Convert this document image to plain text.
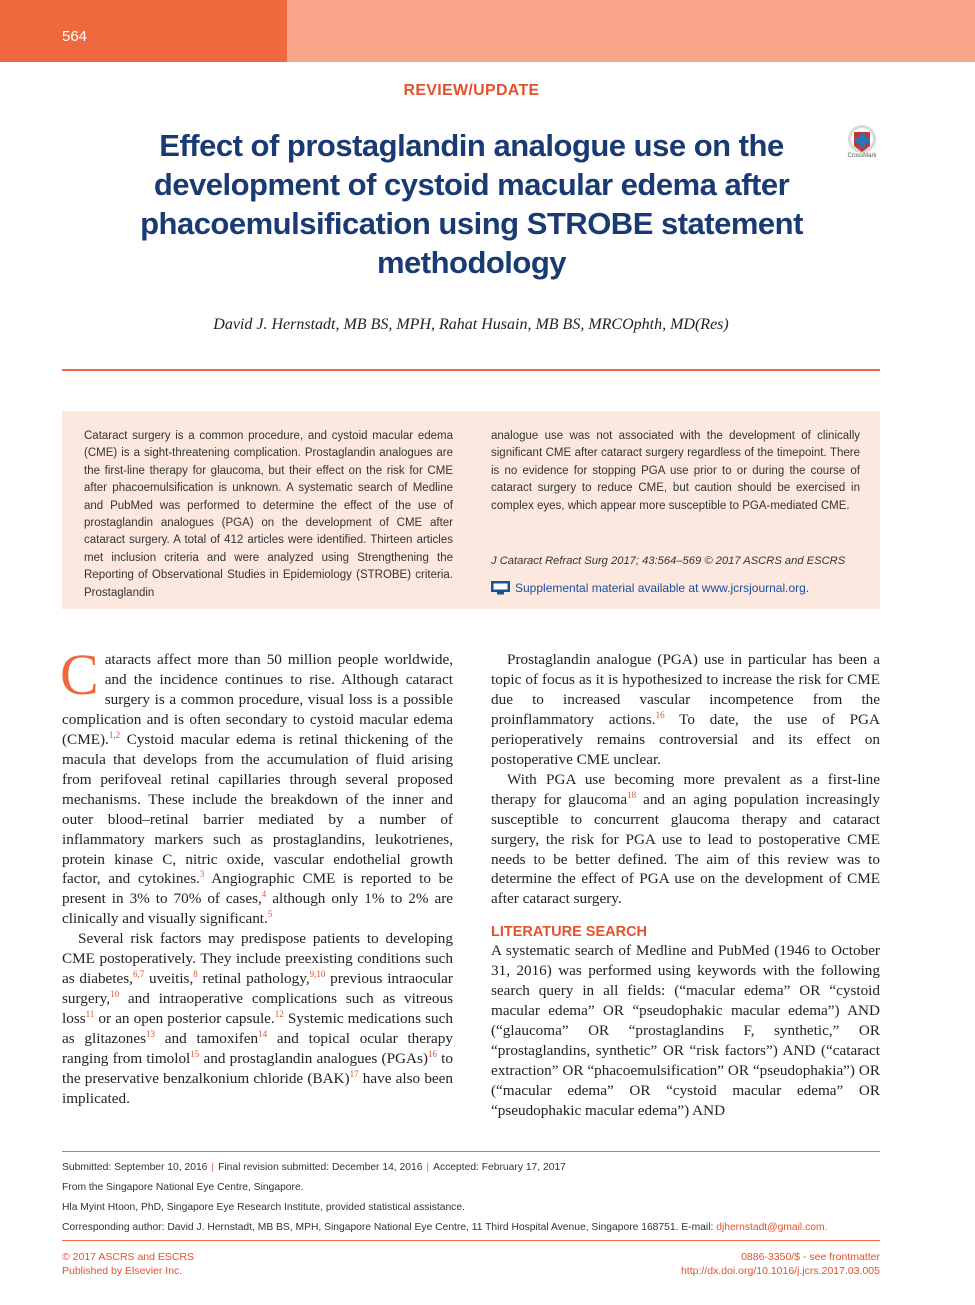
564
REVIEW/UPDATE
Effect of prostaglandin analogue use on the development of cystoid macular edema after phacoemulsification using STROBE statement methodology
CrossMark
David J. Hernstadt, MB BS, MPH, Rahat Husain, MB BS, MRCOphth, MD(Res)
Cataract surgery is a common procedure, and cystoid macular edema (CME) is a sight-threatening complication. Prostaglandin analogues are the first-line therapy for glaucoma, but their effect on the risk for CME after phacoemulsification is unknown. A systematic search of Medline and PubMed was performed to determine the effect of the use of prostaglandin analogues (PGA) on the development of CME after cataract surgery. A total of 412 articles were identified. Thirteen articles met inclusion criteria and were analyzed using Strengthening the Reporting of Observational Studies in Epidemiology (STROBE) criteria. Prostaglandin
analogue use was not associated with the development of clinically significant CME after cataract surgery regardless of the timepoint. There is no evidence for stopping PGA use prior to or during the course of cataract surgery to reduce CME, but caution should be exercised in complex eyes, which appear more susceptible to PGA-mediated CME.
J Cataract Refract Surg 2017; 43:564–569 © 2017 ASCRS and ESCRS
Supplemental material available at www.jcrsjournal.org.

Cataracts affect more than 50 million people worldwide, and the incidence continues to rise. Although cataract surgery is a common procedure, visual loss is a possible complication and is often secondary to cystoid macular edema (CME).$^{1,2}$ Cystoid macular edema is retinal thickening of the macula that develops from the accumulation of fluid arising from perifoveal retinal capillaries through several proposed mechanisms. These include the breakdown of the inner and outer blood–retinal barrier mediated by a number of inflammatory markers such as prostaglandins, leukotrienes, protein kinase C, nitric oxide, vascular endothelial growth factor, and cytokines.$^3$ Angiographic CME is reported to be present in 3% to 70% of cases,$^4$ although only 1% to 2% are clinically and visually significant.$^5$

Several risk factors may predispose patients to developing CME postoperatively. They include preexisting conditions such as diabetes,$^{6,7}$ uveitis,$^8$ retinal pathology,$^{9,10}$ previous intraocular surgery,$^{10}$ and intraoperative complications such as vitreous loss$^{11}$ or an open posterior capsule.$^{12}$ Systemic medications such as glitazones$^{13}$ and tamoxifen$^{14}$ and topical ocular therapy ranging from timolol$^{15}$ and prostaglandin analogues (PGAs)$^{16}$ to the preservative benzalkonium chloride (BAK)$^{17}$ have also been implicated.

Prostaglandin analogue (PGA) use in particular has been a topic of focus as it is hypothesized to increase the risk for CME due to increased vascular incompetence from the proinflammatory actions.$^{16}$ To date, the use of PGA perioperatively remains controversial and its effect on postoperative CME unclear.

With PGA use becoming more prevalent as a first-line therapy for glaucoma$^{18}$ and an aging population increasingly susceptible to concurrent glaucoma therapy and cataract surgery, the risk for PGA use to lead to postoperative CME needs to be better defined. The aim of this review was to determine the effect of PGA use on the development of CME after cataract surgery.

LITERATURE SEARCH

A systematic search of Medline and PubMed (1946 to October 31, 2016) was performed using keywords with the following search query in all fields: (“macular edema” OR “cystoid macular edema” OR “pseudophakic macular edema”) AND (“glaucoma” OR “prostaglandins F, synthetic,” OR “prostaglandins, synthetic” OR “risk factors”) AND (“cataract extraction” OR “phacoemulsification” OR “pseudophakia”) OR (“macular edema” OR “cystoid macular edema” OR “pseudophakic macular edema”) AND

Submitted: September 10, 2016 | Final revision submitted: December 14, 2016 | Accepted: February 17, 2017
From the Singapore National Eye Centre, Singapore.
Hla Myint Htoon, PhD, Singapore Eye Research Institute, provided statistical assistance.
Corresponding author: David J. Hernstadt, MB BS, MPH, Singapore National Eye Centre, 11 Third Hospital Avenue, Singapore 168751. E-mail: djhernstadt@gmail.com.
© 2017 ASCRS and ESCRS
Published by Elsevier Inc.
0886-3350/$ - see frontmatter
http://dx.doi.org/10.1016/j.jcrs.2017.03.005
